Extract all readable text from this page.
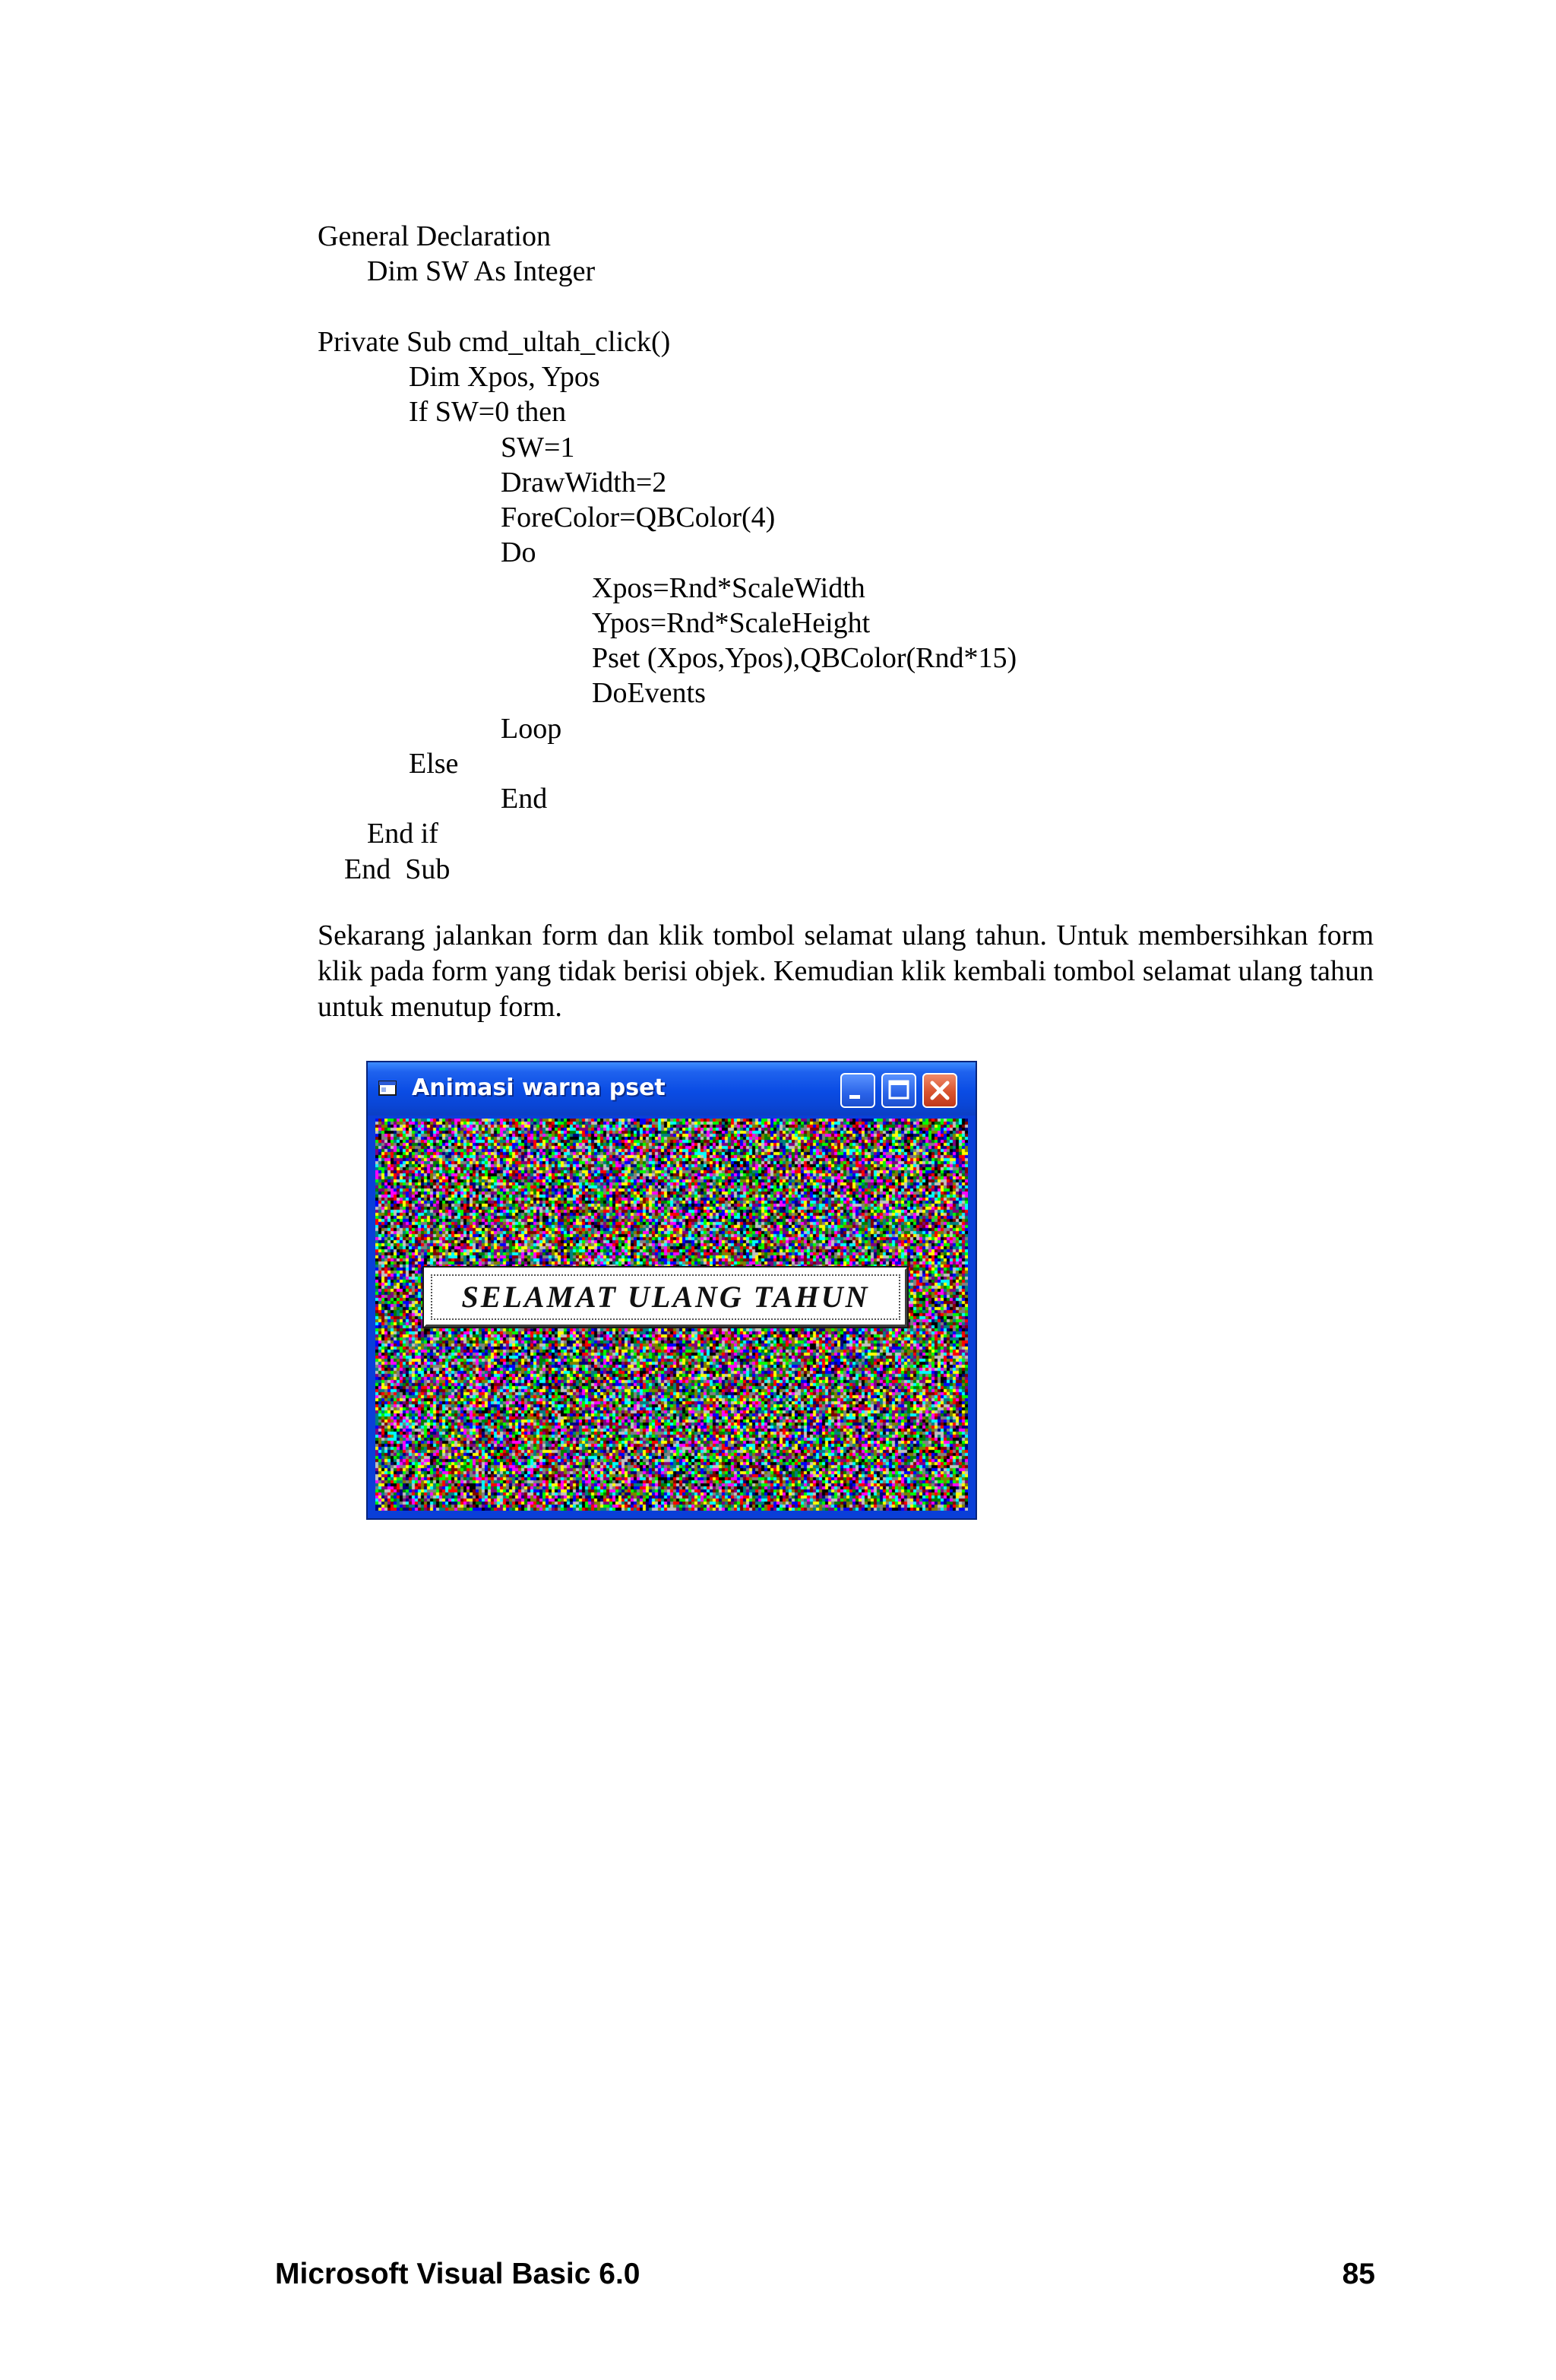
General Declaration
Dim SW As Integer
Private Sub cmd_ultah_click()
Dim Xpos, Ypos
If SW=0 then
SW=1
DrawWidth=2
ForeColor=QBColor(4)
Do
Xpos=Rnd*ScaleWidth
Ypos=Rnd*ScaleHeight
Pset (Xpos,Ypos),QBColor(Rnd*15)
DoEvents
Loop
Else
End
End if
End  Sub

Sekarang jalankan form dan klik tombol selamat ulang tahun. Untuk membersihkan form klik pada form yang tidak berisi objek. Kemudian klik kembali tombol selamat ulang tahun untuk menutup form.

Animasi warna pset
SELAMAT ULANG TAHUN
Microsoft Visual Basic 6.0	85
